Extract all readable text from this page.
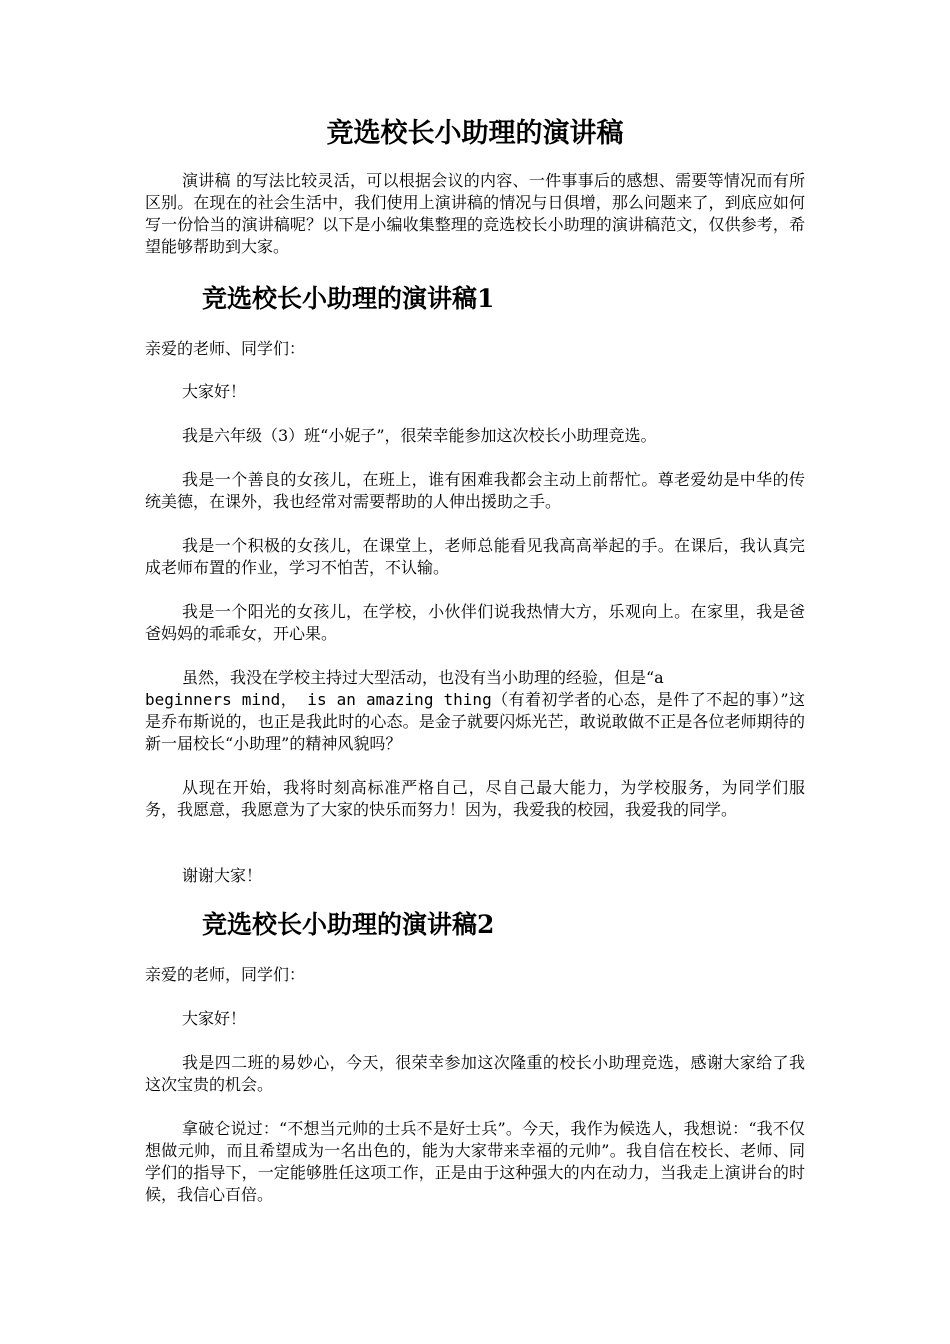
竞选校长小助理的演讲稿

演讲稿 的写法比较灵活，可以根据会议的内容、一件事事后的感想、需要等情况而有所区别。在现在的社会生活中，我们使用上演讲稿的情况与日俱增，那么问题来了，到底应如何写一份恰当的演讲稿呢？以下是小编收集整理的竞选校长小助理的演讲稿范文，仅供参考，希望能够帮助到大家。

竞选校长小助理的演讲稿1

亲爱的老师、同学们：

大家好！

我是六年级（3）班“小妮子”，很荣幸能参加这次校长小助理竞选。

我是一个善良的女孩儿，在班上，谁有困难我都会主动上前帮忙。尊老爱幼是中华的传统美德，在课外，我也经常对需要帮助的人伸出援助之手。

我是一个积极的女孩儿，在课堂上，老师总能看见我高高举起的手。在课后，我认真完成老师布置的作业，学习不怕苦，不认输。

我是一个阳光的女孩儿，在学校，小伙伴们说我热情大方，乐观向上。在家里，我是爸爸妈妈的乖乖女，开心果。

虽然，我没在学校主持过大型活动，也没有当小助理的经验，但是“a
beginners mind， is an amazing thing（有着初学者的心态，是件了不起的事）”这是乔布斯说的，也正是我此时的心态。是金子就要闪烁光芒，敢说敢做不正是各位老师期待的新一届校长“小助理”的精神风貌吗？

从现在开始，我将时刻高标准严格自己，尽自己最大能力，为学校服务，为同学们服务，我愿意，我愿意为了大家的快乐而努力！因为，我爱我的校园，我爱我的同学。

谢谢大家！

竞选校长小助理的演讲稿2

亲爱的老师，同学们：

大家好！

我是四二班的易妙心，今天，很荣幸参加这次隆重的校长小助理竞选，感谢大家给了我这次宝贵的机会。

拿破仑说过：“不想当元帅的士兵不是好士兵”。今天，我作为候选人，我想说：“我不仅想做元帅，而且希望成为一名出色的，能为大家带来幸福的元帅”。我自信在校长、老师、同学们的指导下，一定能够胜任这项工作，正是由于这种强大的内在动力，当我走上演讲台的时候，我信心百倍。
